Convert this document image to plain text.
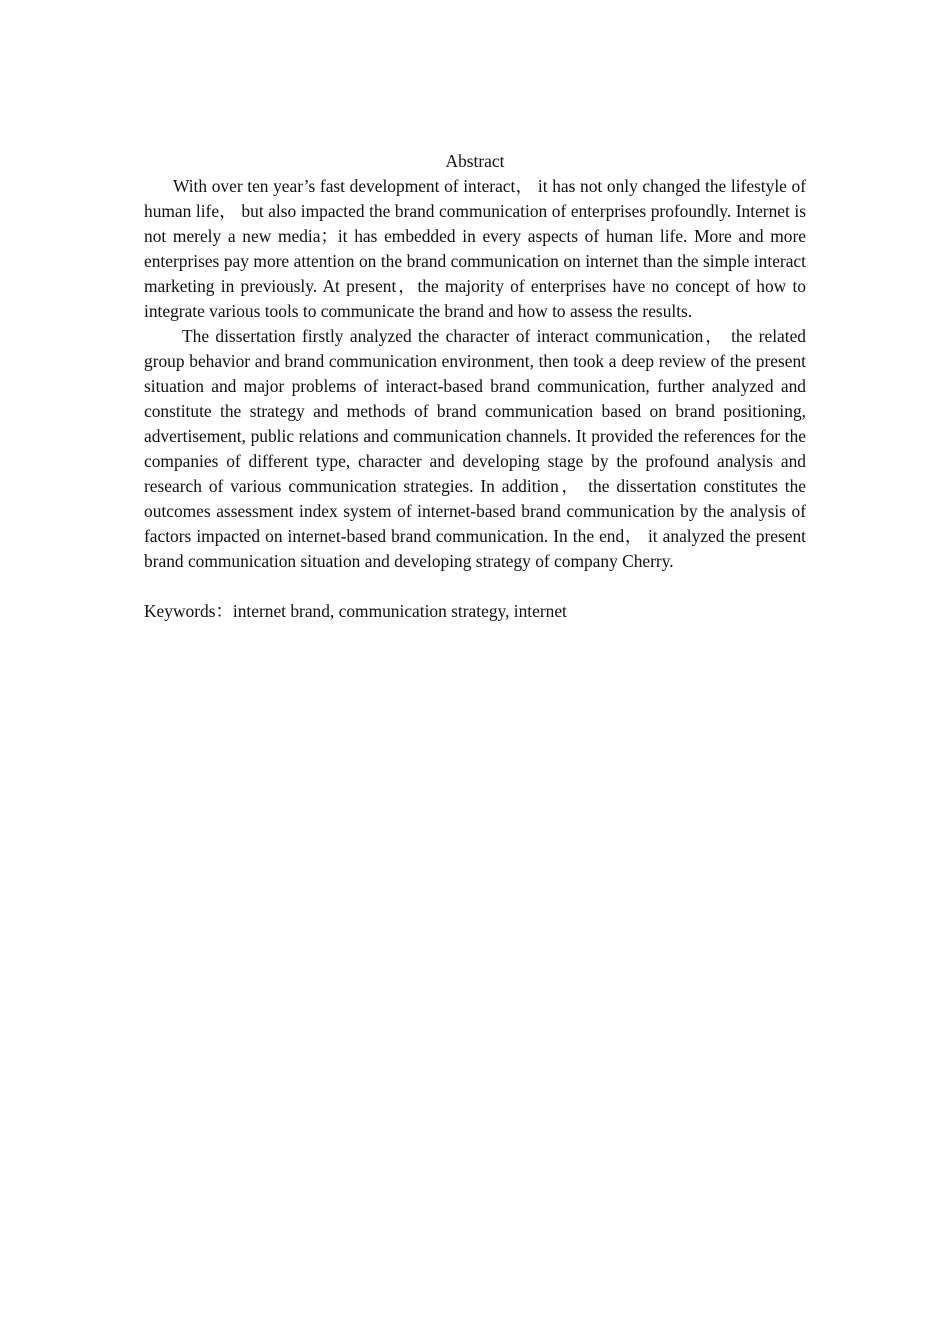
Abstract

With over ten year’s fast development of interact， it has not only changed the lifestyle of human life， but also impacted the brand communication of enterprises profoundly. Internet is not merely a new media；it has embedded in every aspects of human life. More and more enterprises pay more attention on the brand communication on internet than the simple interact marketing in previously. At present，the majority of enterprises have no concept of how to integrate various tools to communicate the brand and how to assess the results.

The dissertation firstly analyzed the character of interact communication， the related group behavior and brand communication environment, then took a deep review of the present situation and major problems of interact-based brand communication, further analyzed and constitute the strategy and methods of brand communication based on brand positioning, advertisement, public relations and communication channels. It provided the references for the companies of different type, character and developing stage by the profound analysis and research of various communication strategies. In addition， the dissertation constitutes the outcomes assessment index system of internet-based brand communication by the analysis of factors impacted on internet-based brand communication. In the end， it analyzed the present brand communication situation and developing strategy of company Cherry.

Keywords：internet brand, communication strategy, internet
